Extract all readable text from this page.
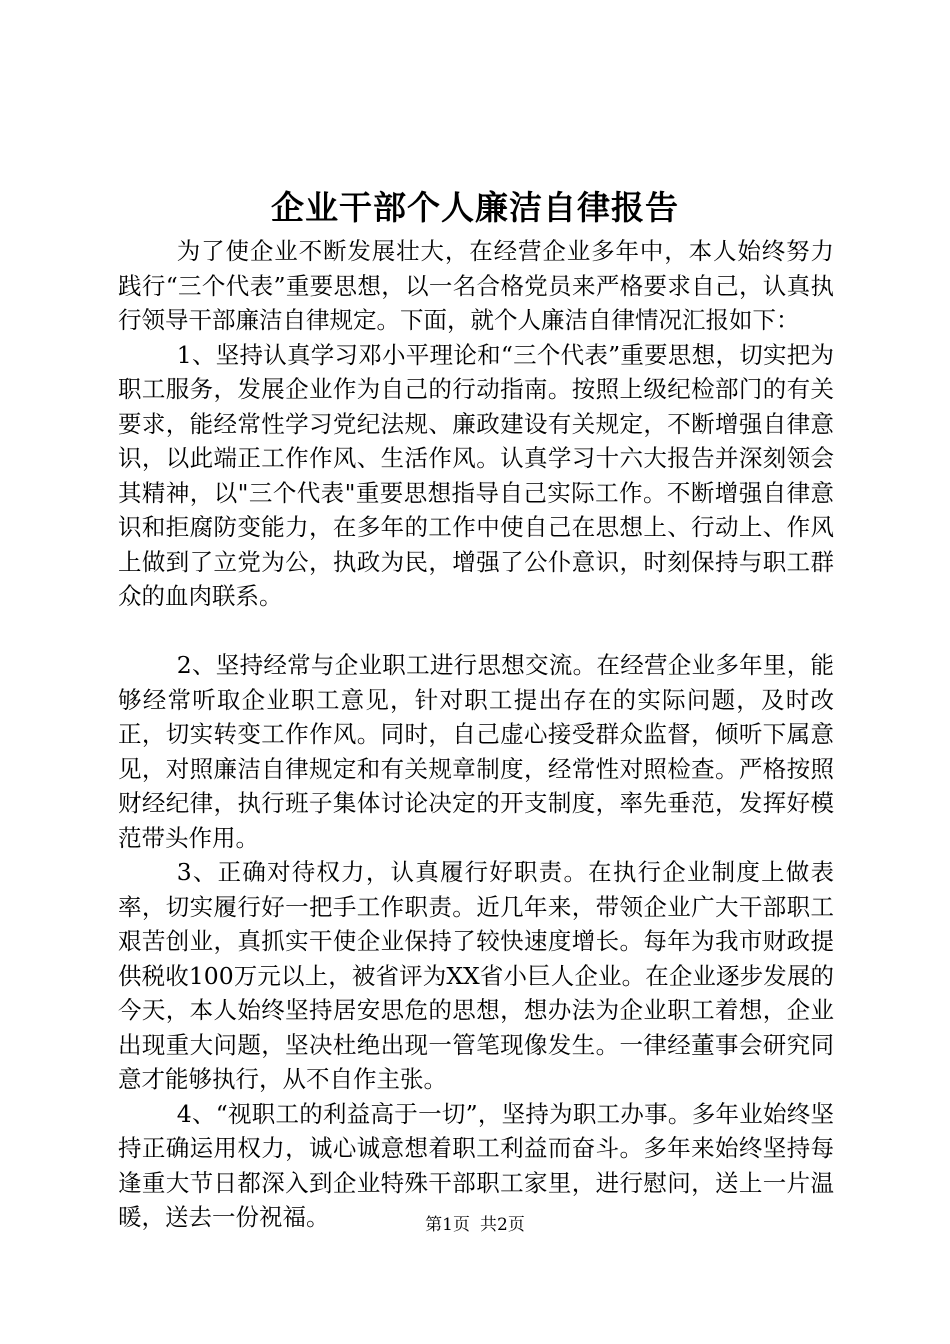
企业干部个人廉洁自律报告

为了使企业不断发展壮大，在经营企业多年中，本人始终努力践行“三个代表”重要思想，以一名合格党员来严格要求自己，认真执行领导干部廉洁自律规定。下面，就个人廉洁自律情况汇报如下：

1、坚持认真学习邓小平理论和“三个代表”重要思想，切实把为职工服务，发展企业作为自己的行动指南。按照上级纪检部门的有关要求，能经常性学习党纪法规、廉政建设有关规定，不断增强自律意识，以此端正工作作风、生活作风。认真学习十六大报告并深刻领会其精神，以"三个代表"重要思想指导自己实际工作。不断增强自律意识和拒腐防变能力，在多年的工作中使自己在思想上、行动上、作风上做到了立党为公，执政为民，增强了公仆意识，时刻保持与职工群众的血肉联系。

2、坚持经常与企业职工进行思想交流。在经营企业多年里，能够经常听取企业职工意见，针对职工提出存在的实际问题，及时改正，切实转变工作作风。同时，自己虚心接受群众监督，倾听下属意见，对照廉洁自律规定和有关规章制度，经常性对照检查。严格按照财经纪律，执行班子集体讨论决定的开支制度，率先垂范，发挥好模范带头作用。

3、正确对待权力，认真履行好职责。在执行企业制度上做表率，切实履行好一把手工作职责。近几年来，带领企业广大干部职工艰苦创业，真抓实干使企业保持了较快速度增长。每年为我市财政提供税收100万元以上，被省评为XX省小巨人企业。在企业逐步发展的今天，本人始终坚持居安思危的思想，想办法为企业职工着想，企业出现重大问题，坚决杜绝出现一管笔现像发生。一律经董事会研究同意才能够执行，从不自作主张。

4、“视职工的利益高于一切”，坚持为职工办事。多年业始终坚持正确运用权力，诚心诚意想着职工利益而奋斗。多年来始终坚持每逢重大节日都深入到企业特殊干部职工家里，进行慰问，送上一片温暖，送去一份祝福。	第1页 共2页
